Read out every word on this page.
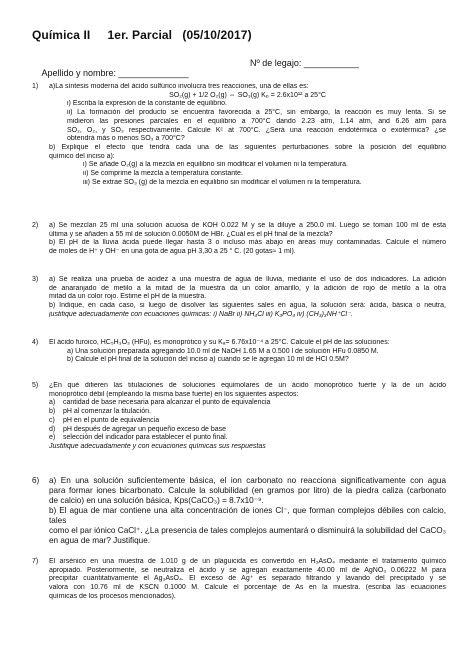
Química II     1er. Parcial   (05/10/2017)

Apellido y nombre: ______________

Nº de legajo: ___________

1)	a)La síntesis moderna del ácido sulfúrico involucra tres reacciones, una de ellas es:
SO₂(g) + 1/2 O₂(g) ⇔ SO₃(g) Kₚ = 2.6x10¹² a 25°C
i) Escriba la expresión de la constante de equilibrio.
ii) La formación del producto se encuentra favorecida a 25°C, sin embargo, la reacción es muy lenta. Si se
midieron las presiones parciales en el equilibrio a 700°C dando 2.23 atm, 1.14 atm, and 6.26 atm para
SO₂, O₂, y SO₃ respectivamente. Calcule Kᶜ at 700°C. ¿Será una reacción endotérmica o exotérmica? ¿se
obtendrá más o menos SO₃ a 700°C?
b) Explique el efecto que tendrá cada una de las siguientes perturbaciones sobre la posición del equilibrio
químico del inciso a):
i) Se añade O₂(g) a la mezcla en equilibrio sin modificar el volumen ni la temperatura.
ii) Se comprime la mezcla a temperatura constante.
iii) Se extrae SO₃ (g) de la mezcla en equilibrio sin modificar el volumen ni la temperatura.
2)	a) Se mezclan 25 ml una solución acuosa de KOH 0.022 M y se la diluye a 250.0 ml. Luego se toman 100 ml de esta
última y se añaden a 55 ml de solución 0.0050M de HBr. ¿Cuál es el pH final de la mezcla?
b) El pH de la lluvia ácida puede llegar hasta 3 o incluso más abajo en áreas muy contaminadas. Calcule el número
de moles de H⁺ y OH⁻ en una gota de agua pH 3,30 a 25 ° C. (20 gotas≈ 1 ml).
3)	a) Se realiza una prueba de acidez a una muestra de agua de lluvia, mediante el uso de dos indicadores. La adición
de anaranjado de metilo a la mitad de la muestra da un color amarillo, y la adición de rojo de metilo a la otra
mitad da un color rojo. Estime el pH de la muestra.
b) Indique, en cada caso, si luego de disolver las siguientes sales en agua, la solución será: ácida, básica o neutra,
justifique adecuadamente con ecuaciones químicas: i) NaBr ii) NH₄Cl iii) K₃PO₄ iv) (CH₃)₃NH⁺Cl⁻.
4)	El ácido furoico, HC₅H₃O₃ (HFu), es monoprótico y su Kₐ= 6.76x10⁻⁴ a 25°C. Calcule el pH de las soluciones:
a) Una solución preparada agregando 10.0 ml de NaOH 1.65 M a 0.500 l de solución HFu 0.0850 M.
b) Calcule el pH final de la solución del inciso a) cuando se le agregan 10 ml de HCl 0.5M?
5)	¿En qué difieren las titulaciones de soluciones equimolares de un ácido monoprótico fuerte y la de un ácido
monoprótico débil (empleando la misma base fuerte) en los siguientes aspectos:
a)	cantidad de base necesaria para alcanzar el punto de equivalencia
b)	pH al comenzar la titulación.
c)	pH en el punto de equivalencia
d)	pH después de agregar un pequeño exceso de base
e)	selección del indicador para establecer el punto final.
Justifique adecuadamente y con ecuaciones químicas sus respuestas
6)	a) En una solución suficientemente básica, el ion carbonato no reacciona significativamente con agua
para formar iones bicarbonato. Calcule la solubilidad (en gramos por litro) de la piedra caliza (carbonato
de calcio) en una solución básica, Kps(CaCO₃) = 8.7x10⁻⁹.
b) El agua de mar contiene una alta concentración de iones Cl⁻, que forman complejos débiles con calcio, tales
como el par iónico CaCl⁺. ¿La presencia de tales complejos aumentará o disminuirá la solubilidad del CaCO₃
en agua de mar? Justifique.
7)	El arsénico en una muestra de 1.010 g de un plaguicida es convertido en H₃AsO₄ mediante el tratamiento químico
apropiado. Posteriormente, se neutraliza el ácido y se agregan exactamente 40.00 ml de AgNO₃ 0.06222 M para
precipitar cuantitativamente el Ag₃AsO₄. El exceso de Ag⁺ es separado filtrando y lavando del precipitado y se
valora con 10.76 ml de KSCN 0.1000 M. Calcule el porcentaje de As en la muestra. (escriba las ecuaciones
químicas de los procesos mencionados).
